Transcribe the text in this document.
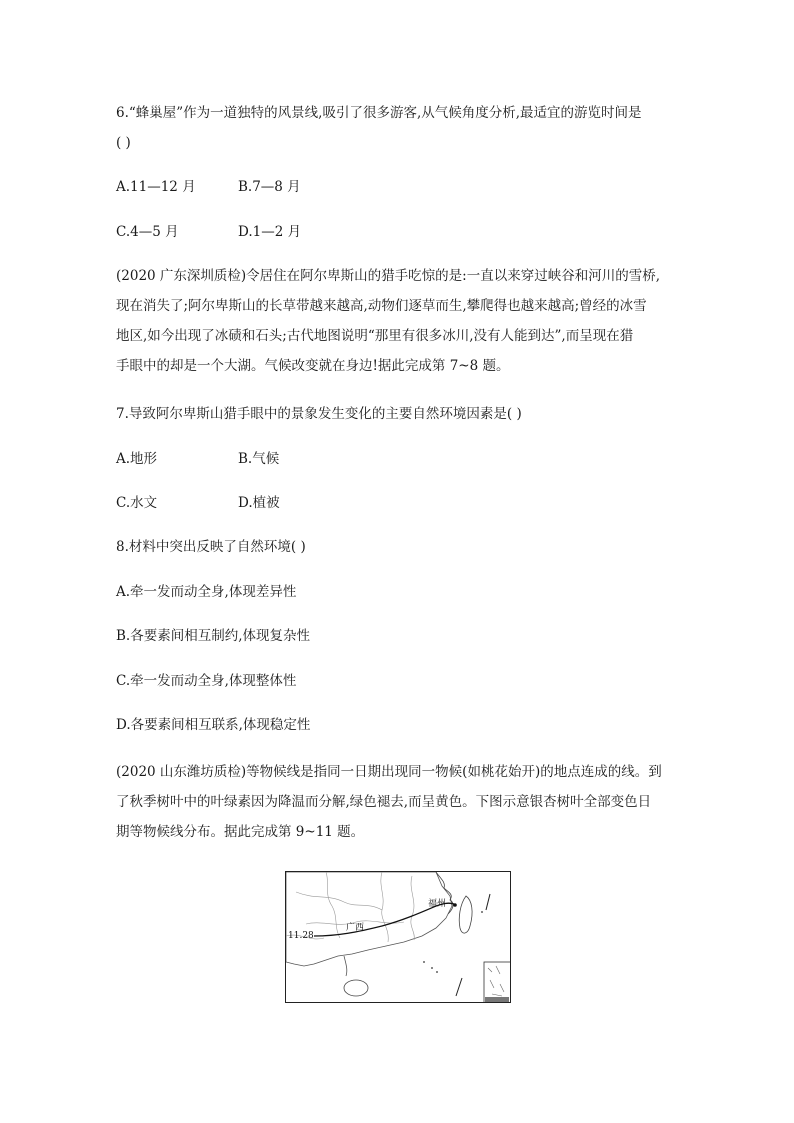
6.“蜂巢屋”作为一道独特的风景线,吸引了很多游客,从气候角度分析,最适宜的游览时间是
( )
A.11—12 月	B.7—8 月
C.4—5 月	D.1—2 月
(2020 广东深圳质检)令居住在阿尔卑斯山的猎手吃惊的是:一直以来穿过峡谷和河川的雪桥,
现在消失了;阿尔卑斯山的长草带越来越高,动物们逐草而生,攀爬得也越来越高;曾经的冰雪
地区,如今出现了冰碛和石头;古代地图说明“那里有很多冰川,没有人能到达”,而呈现在猎
手眼中的却是一个大湖。气候改变就在身边!据此完成第 7~8 题。
7.导致阿尔卑斯山猎手眼中的景象发生变化的主要自然环境因素是( )
A.地形	B.气候
C.水文	D.植被
8.材料中突出反映了自然环境( )
A.牵一发而动全身,体现差异性
B.各要素间相互制约,体现复杂性
C.牵一发而动全身,体现整体性
D.各要素间相互联系,体现稳定性
(2020 山东潍坊质检)等物候线是指同一日期出现同一物候(如桃花始开)的地点连成的线。到
了秋季树叶中的叶绿素因为降温而分解,绿色褪去,而呈黄色。下图示意银杏树叶全部变色日
期等物候线分布。据此完成第 9~11 题。
福州
广西
11.28
